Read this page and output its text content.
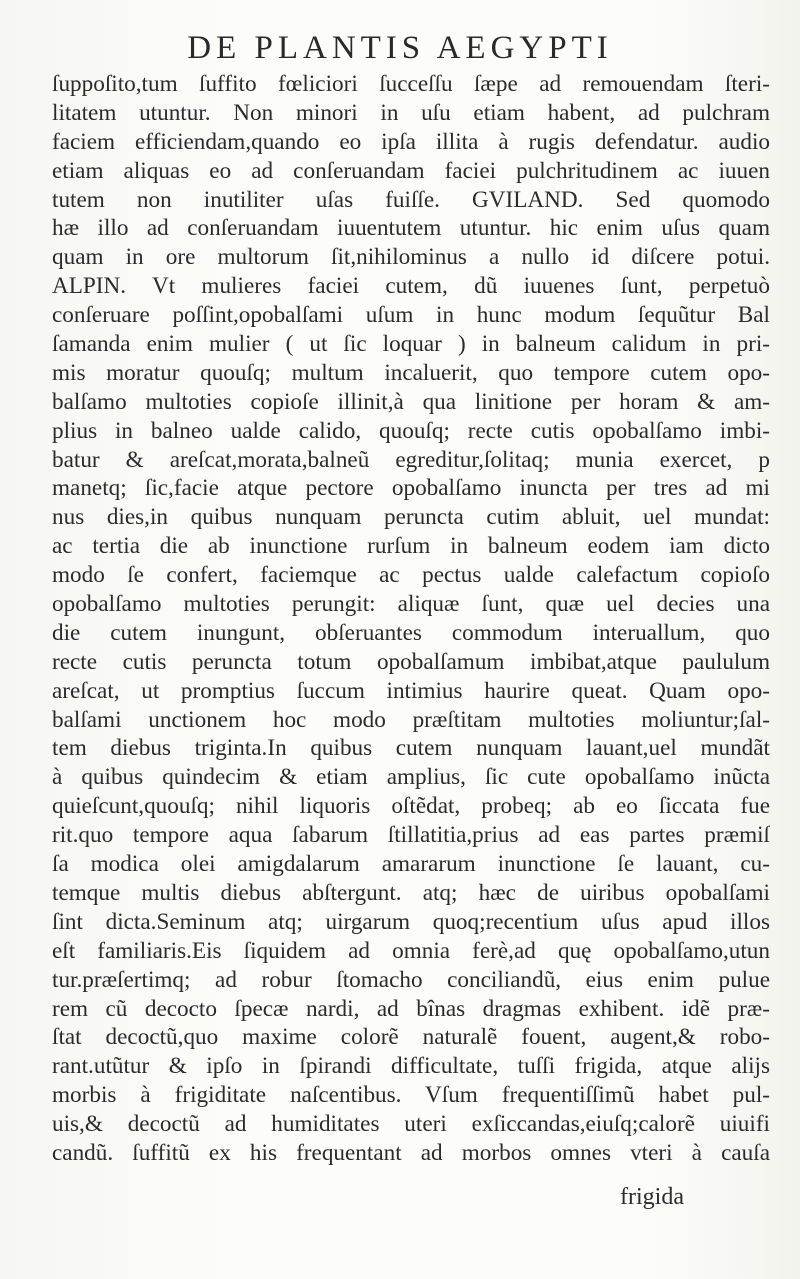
DE PLANTIS AEGYPTI
ſuppoſito,tum ſuffito fœliciori ſucceſſu ſæpe ad remouendam ſteri-
litatem utuntur. Non minori in uſu etiam habent, ad pulchram
faciem efficiendam,quando eo ipſa illita à rugis defendatur. audio
etiam aliquas eo ad conſeruandam faciei pulchritudinem ac iuuen
tutem non inutiliter uſas fuiſſe. GVILAND. Sed quomodo
hæ illo ad conſeruandam iuuentutem utuntur. hic enim uſus quam
quam in ore multorum ſit,nihilominus a nullo id diſcere potui.
ALPIN. Vt mulieres faciei cutem, dũ iuuenes ſunt, perpetuò
conſeruare poſſint,opobalſami uſum in hunc modum ſequũtur Bal
ſamanda enim mulier ( ut ſic loquar ) in balneum calidum in pri-
mis moratur quouſq; multum incaluerit, quo tempore cutem opo-
balſamo multoties copioſe illinit,à qua linitione per horam & am-
plius in balneo ualde calido, quouſq; recte cutis opobalſamo imbi-
batur & areſcat,morata,balneũ egreditur,ſolitaq; munia exercet, p
manetq; ſic,facie atque pectore opobalſamo inuncta per tres ad mi
nus dies,in quibus nunquam peruncta cutim abluit, uel mundat:
ac tertia die ab inunctione rurſum in balneum eodem iam dicto
modo ſe confert, faciemque ac pectus ualde calefactum copioſo
opobalſamo multoties perungit: aliquæ ſunt, quæ uel decies una
die cutem inungunt, obſeruantes commodum interuallum, quo
recte cutis peruncta totum opobalſamum imbibat,atque paululum
areſcat, ut promptius ſuccum intimius haurire queat. Quam opo-
balſami unctionem hoc modo præſtitam multoties moliuntur;ſal-
tem diebus triginta.In quibus cutem nunquam lauant,uel mundãt
à quibus quindecim & etiam amplius, ſic cute opobalſamo inũcta
quieſcunt,quouſq; nihil liquoris oſtẽdat, probeq; ab eo ſiccata fue
rit.quo tempore aqua ſabarum ſtillatitia,prius ad eas partes præmiſ
ſa modica olei amigdalarum amararum inunctione ſe lauant, cu-
temque multis diebus abſtergunt. atq; hæc de uiribus opobalſami
ſint dicta.Seminum atq; uirgarum quoq;recentium uſus apud illos
eſt familiaris.Eis ſiquidem ad omnia ferè,ad quę opobalſamo,utun
tur.præſertimq; ad robur ſtomacho conciliandũ, eius enim pulue
rem cũ decocto ſpecæ nardi, ad bînas dragmas exhibent. idẽ præ-
ſtat decoctũ,quo maxime colorẽ naturalẽ fouent, augent,& robo-
rant.utũtur & ipſo in ſpirandi difficultate, tuſſi frigida, atque alijs
morbis à frigiditate naſcentibus. Vſum frequentiſſimũ habet pul-
uis,& decoctũ ad humiditates uteri exſiccandas,eiuſq;calorẽ uiuifi
candũ. ſuffitũ ex his frequentant ad morbos omnes vteri à cauſa
frigida
